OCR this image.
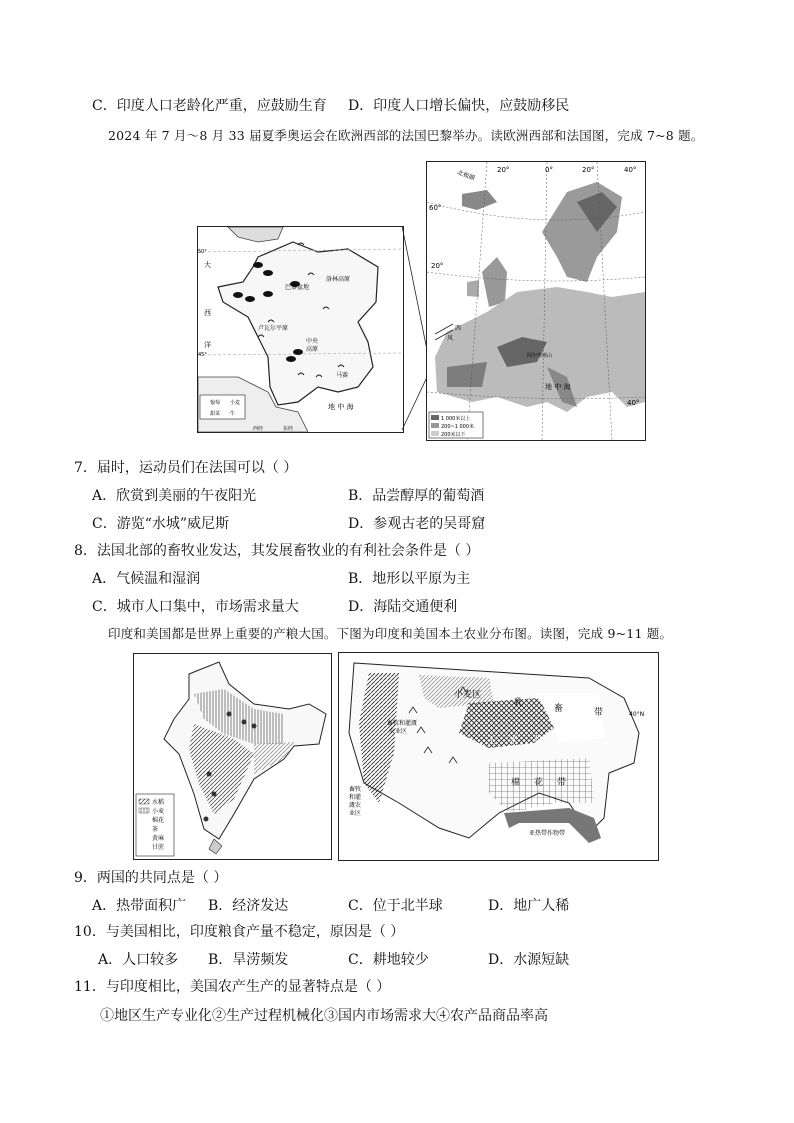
C．印度人口老龄化严重，应鼓励生育 D．印度人口增长偏快，应鼓励移民
2024 年 7 月～8 月 33 届夏季奥运会在欧洲西部的法国巴黎举办。读欧洲西部和法国图，完成 7~8 题。
大
西
洋
巴黎盆地
卢瓦尔平原
洛林高原
中央
高原
马赛
地 中 海
50°
45°
西经	东经
葡萄 小麦
甜菜 牛
北极圈	20°	0°	20°	40°
60°
20°
40°
西
风
阿尔卑斯山
地 中 海
1 000米以上
200~1 000米
200米以下
7．届时，运动员们在法国可以（ ）
A．欣赏到美丽的午夜阳光	B．品尝醇厚的葡萄酒
C．游览“水城”威尼斯	D．参观古老的吴哥窟
8．法国北部的畜牧业发达，其发展畜牧业的有利社会条件是（ ）
A．气候温和湿润	B．地形以平原为主
C．城市人口集中，市场需求量大	D．海陆交通便利
印度和美国都是世界上重要的产粮大国。下图为印度和美国本土农业分布图。读图，完成 9~11 题。
水稻
小麦
棉花
茶
黄麻
甘蔗
小麦区
乳
畜	带
玉 米 带
棉 花 带
畜牧和灌溉
农业区
畜牧
和灌
溉农
业区
40°N
亚热带作物带
9．两国的共同点是（ ）
A．热带面积广 B．经济发达	C．位于北半球	D．地广人稀
10．与美国相比，印度粮食产量不稳定，原因是（ ）
A．人口较多 B．旱涝频发	C．耕地较少	D．水源短缺
11．与印度相比，美国农产生产的显著特点是（ ）
①地区生产专业化②生产过程机械化③国内市场需求大④农产品商品率高
